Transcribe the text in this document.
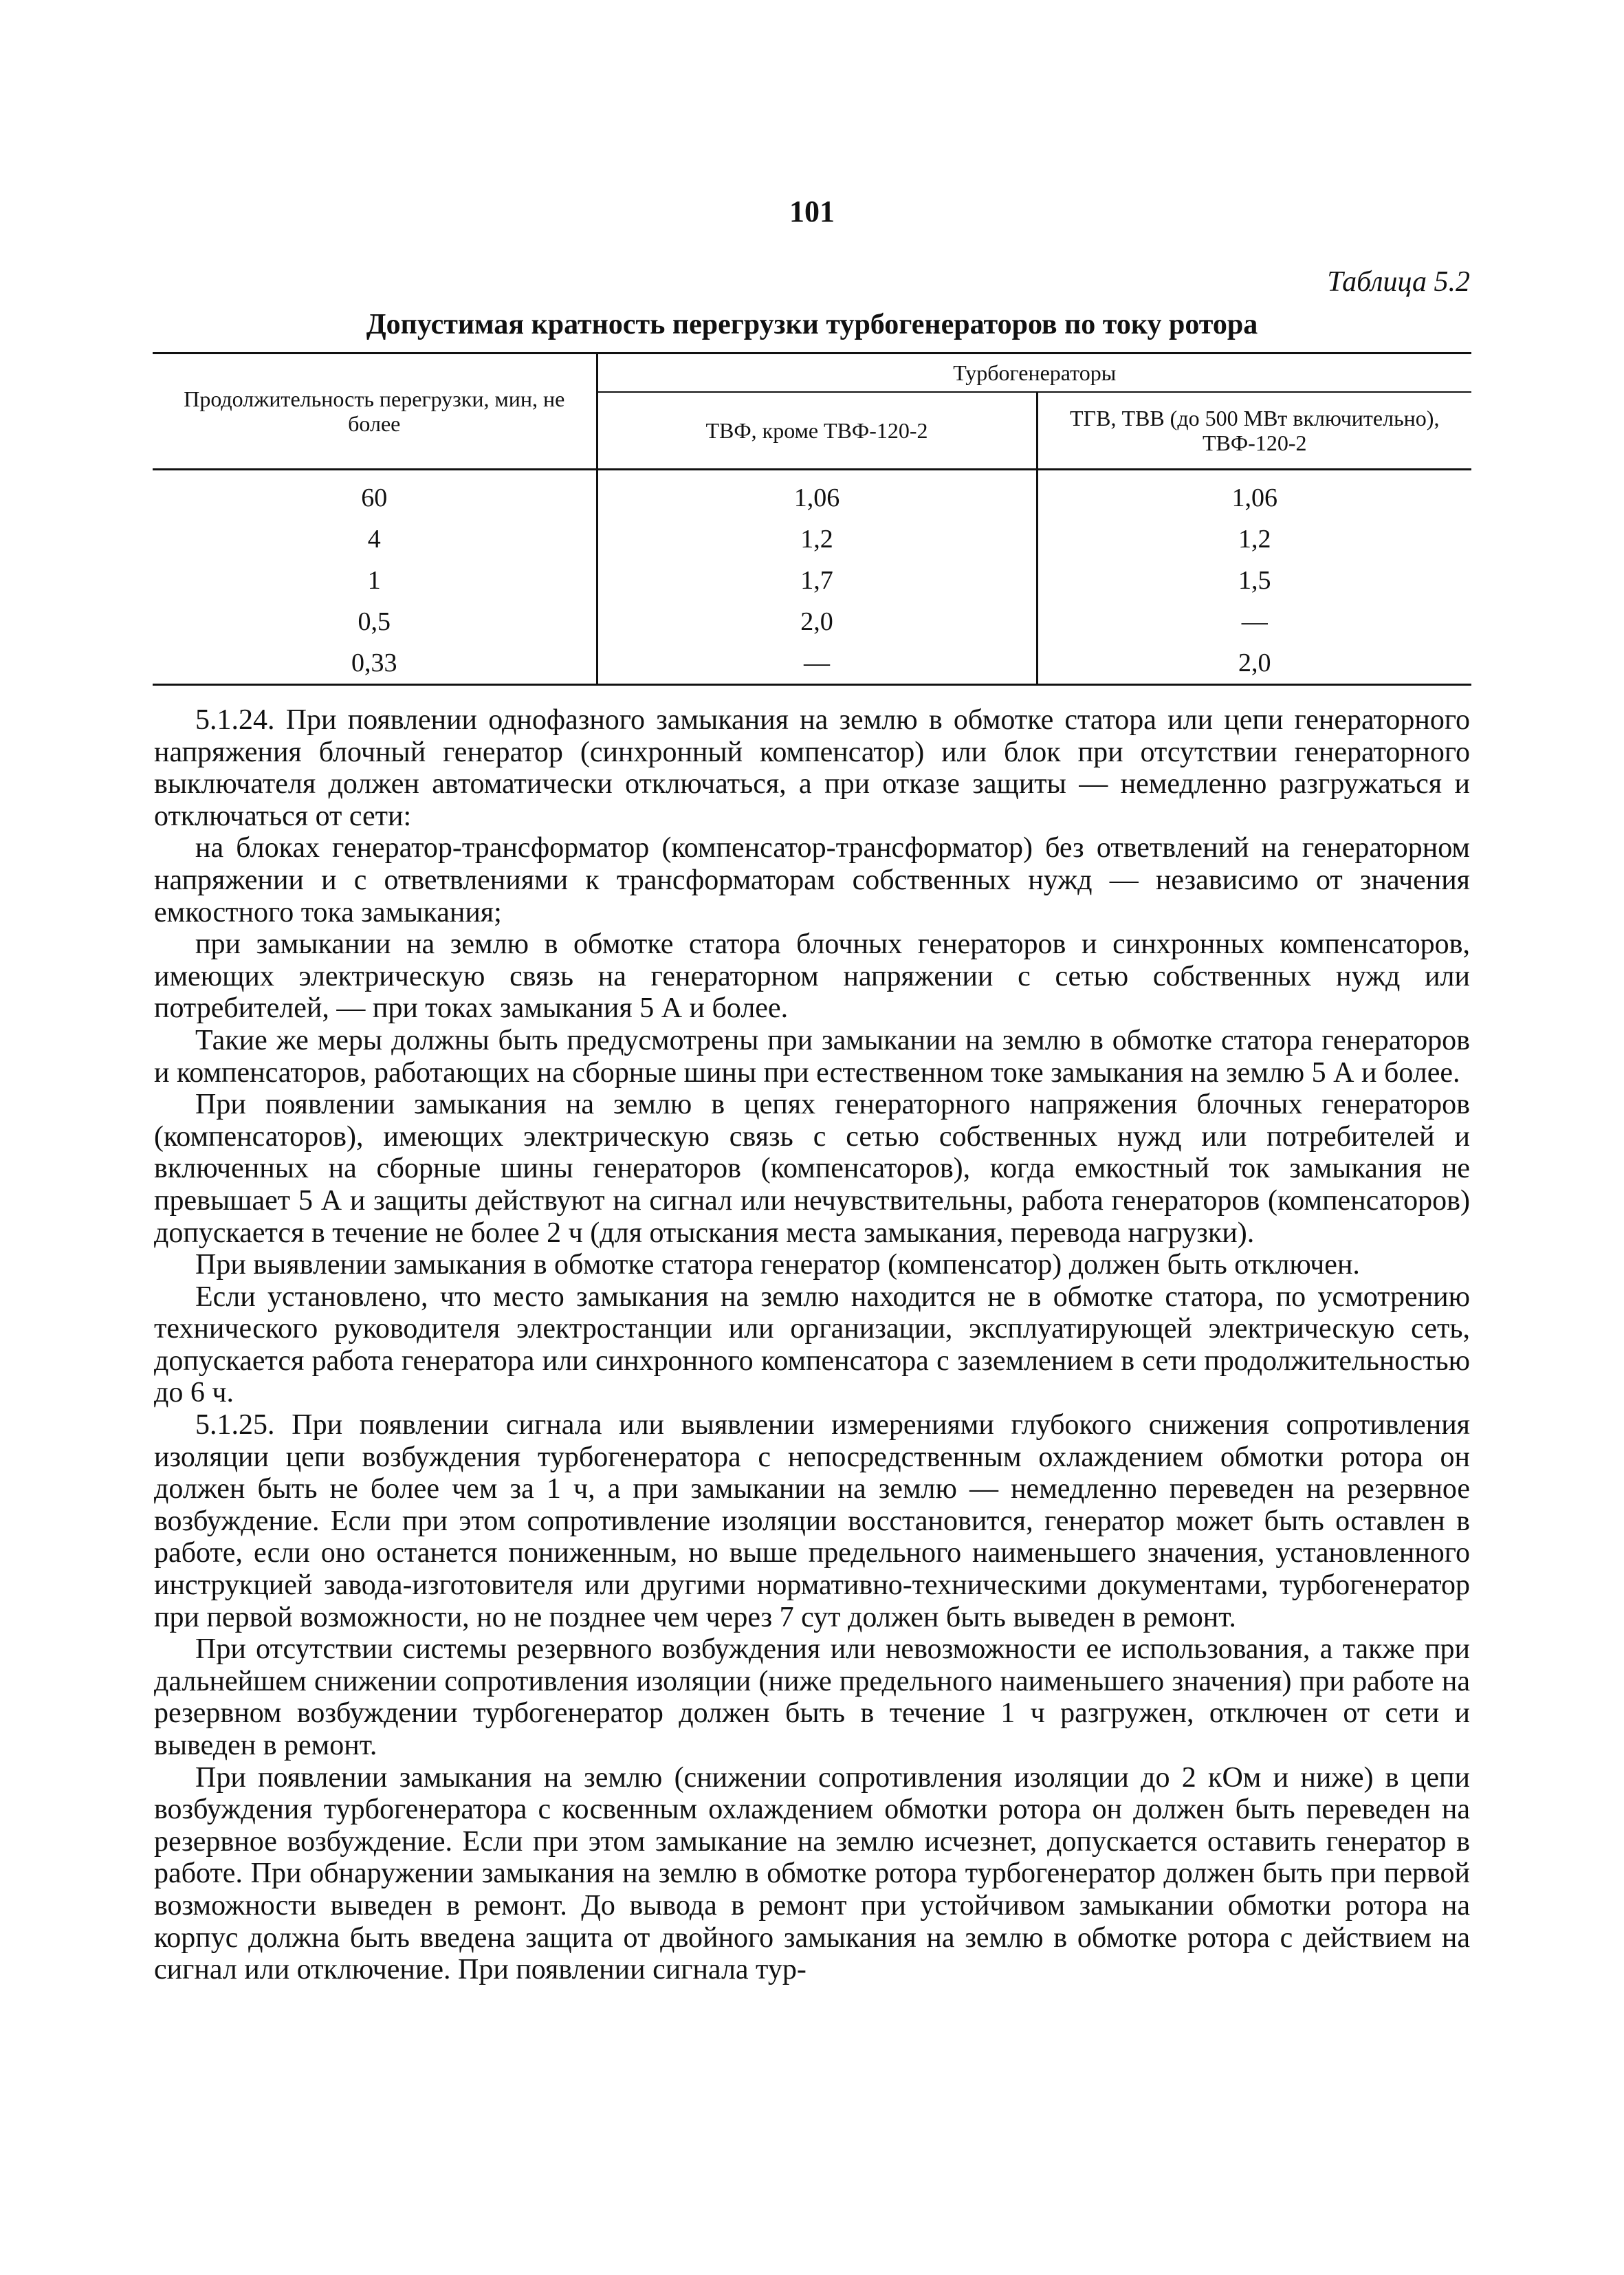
101
Таблица 5.2
Допустимая кратность перегрузки турбогенераторов по току ротора
Продолжительность перегрузки, мин, не более	Турбогенераторы	
	ТВФ, кроме ТВФ-120-2	ТГВ, ТВВ (до 500 МВт включительно), ТВФ-120-2
60	1,06	1,06
4	1,2	1,2
1	1,7	1,5
0,5	2,0	—
0,33	—	2,0

5.1.24. При появлении однофазного замыкания на землю в обмотке статора или цепи генераторного напряжения блочный генератор (синхронный компенсатор) или блок при отсутствии генераторного выключателя должен автоматически отключаться, а при отказе защиты — немедленно разгружаться и отключаться от сети:

на блоках генератор-трансформатор (компенсатор-трансформатор) без ответвлений на генераторном напряжении и с ответвлениями к трансформаторам собственных нужд — независимо от значения емкостного тока замыкания;

при замыкании на землю в обмотке статора блочных генераторов и синхронных компенсаторов, имеющих электрическую связь на генераторном напряжении с сетью собственных нужд или потребителей, — при токах замыкания 5 А и более.

Такие же меры должны быть предусмотрены при замыкании на землю в обмотке статора генераторов и компенсаторов, работающих на сборные шины при естественном токе замыкания на землю 5 А и более.

При появлении замыкания на землю в цепях генераторного напряжения блочных генераторов (компенсаторов), имеющих электрическую связь с сетью собственных нужд или потребителей и включенных на сборные шины генераторов (компенсаторов), когда емкостный ток замыкания не превышает 5 А и защиты действуют на сигнал или нечувствительны, работа генераторов (компенсаторов) допускается в течение не более 2 ч (для отыскания места замыкания, перевода нагрузки).

При выявлении замыкания в обмотке статора генератор (компенсатор) должен быть отключен.

Если установлено, что место замыкания на землю находится не в обмотке статора, по усмотрению технического руководителя электростанции или организации, эксплуатирующей электрическую сеть, допускается работа генератора или синхронного компенсатора с заземлением в сети продолжительностью до 6 ч.

5.1.25. При появлении сигнала или выявлении измерениями глубокого снижения сопротивления изоляции цепи возбуждения турбогенератора с непосредственным охлаждением обмотки ротора он должен быть не более чем за 1 ч, а при замыкании на землю — немедленно переведен на резервное возбуждение. Если при этом сопротивление изоляции восстановится, генератор может быть оставлен в работе, если оно останется пониженным, но выше предельного наименьшего значения, установленного инструкцией завода-изготовителя или другими нормативно-техническими документами, турбогенератор при первой возможности, но не позднее чем через 7 сут должен быть выведен в ремонт.

При отсутствии системы резервного возбуждения или невозможности ее использования, а также при дальнейшем снижении сопротивления изоляции (ниже предельного наименьшего значения) при работе на резервном возбуждении турбогенератор должен быть в течение 1 ч разгружен, отключен от сети и выведен в ремонт.

При появлении замыкания на землю (снижении сопротивления изоляции до 2 кОм и ниже) в цепи возбуждения турбогенератора с косвенным охлаждением обмотки ротора он должен быть переведен на резервное возбуждение. Если при этом замыкание на землю исчезнет, допускается оставить генератор в работе. При обнаружении замыкания на землю в обмотке ротора турбогенератор должен быть при первой возможности выведен в ремонт. До вывода в ремонт при устойчивом замыкании обмотки ротора на корпус должна быть введена защита от двойного замыкания на землю в обмотке ротора с действием на сигнал или отключение. При появлении сигнала тур-
